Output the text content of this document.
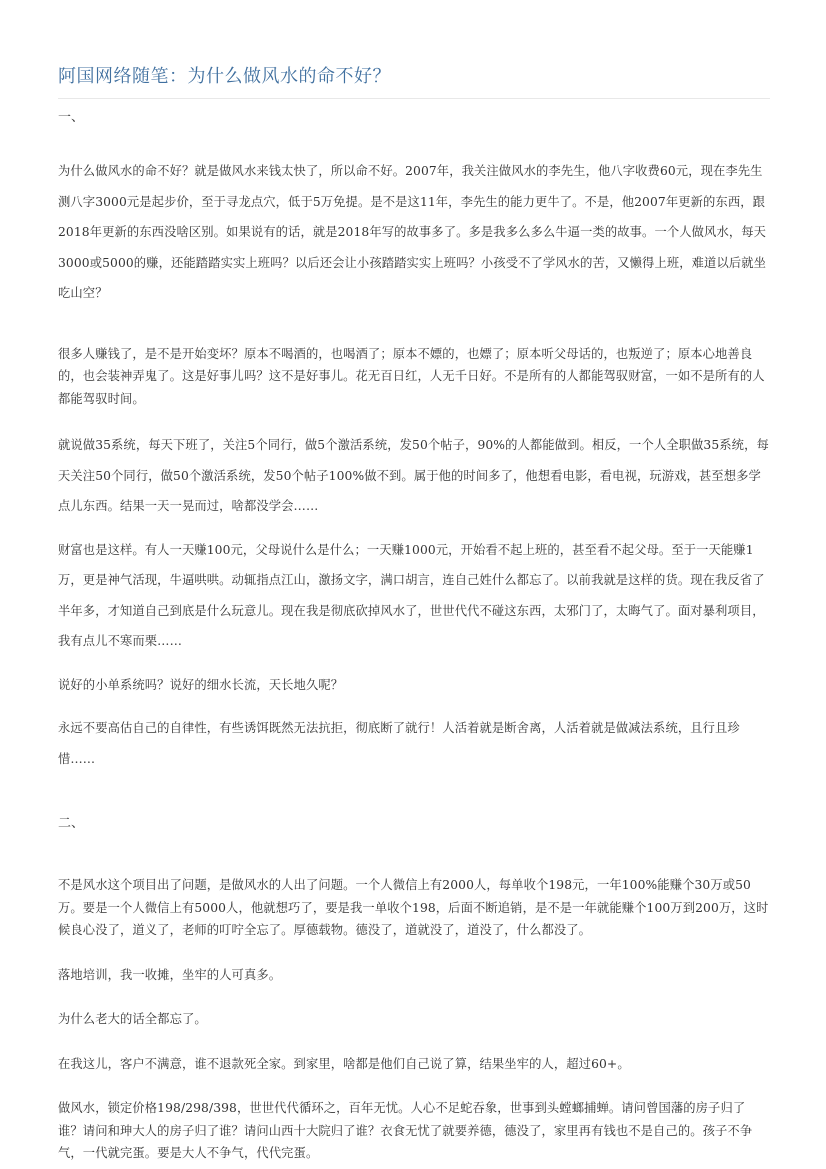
阿国网络随笔：为什么做风水的命不好？
一、

为什么做风水的命不好？就是做风水来钱太快了，所以命不好。2007年，我关注做风水的李先生，他八字收费60元，现在李先生测八字3000元是起步价，至于寻龙点穴，低于5万免提。是不是这11年，李先生的能力更牛了。不是，他2007年更新的东西，跟2018年更新的东西没啥区别。如果说有的话，就是2018年写的故事多了。多是我多么多么牛逼一类的故事。一个人做风水，每天3000或5000的赚，还能踏踏实实上班吗？以后还会让小孩踏踏实实上班吗？小孩受不了学风水的苦，又懒得上班，难道以后就坐吃山空？

很多人赚钱了，是不是开始变坏？原本不喝酒的，也喝酒了；原本不嫖的，也嫖了；原本听父母话的，也叛逆了；原本心地善良的，也会装神弄鬼了。这是好事儿吗？这不是好事儿。花无百日红，人无千日好。不是所有的人都能驾驭财富，一如不是所有的人都能驾驭时间。

就说做35系统，每天下班了，关注5个同行，做5个激活系统，发50个帖子，90%的人都能做到。相反，一个人全职做35系统，每天关注50个同行，做50个激活系统，发50个帖子100%做不到。属于他的时间多了，他想看电影，看电视，玩游戏，甚至想多学点儿东西。结果一天一晃而过，啥都没学会……

财富也是这样。有人一天赚100元，父母说什么是什么；一天赚1000元，开始看不起上班的，甚至看不起父母。至于一天能赚1万，更是神气活现，牛逼哄哄。动辄指点江山，激扬文字，满口胡言，连自己姓什么都忘了。以前我就是这样的货。现在我反省了半年多，才知道自己到底是什么玩意儿。现在我是彻底砍掉风水了，世世代代不碰这东西，太邪门了，太晦气了。面对暴利项目，我有点儿不寒而栗……

说好的小单系统吗？说好的细水长流，天长地久呢？

永远不要高估自己的自律性，有些诱饵既然无法抗拒，彻底断了就行！人活着就是断舍离，人活着就是做减法系统，且行且珍惜……

二、

不是风水这个项目出了问题，是做风水的人出了问题。一个人微信上有2000人，每单收个198元，一年100%能赚个30万或50万。要是一个人微信上有5000人，他就想巧了，要是我一单收个198，后面不断追销，是不是一年就能赚个100万到200万，这时候良心没了，道义了，老师的叮咛全忘了。厚德载物。德没了，道就没了，道没了，什么都没了。

落地培训，我一收摊，坐牢的人可真多。

为什么老大的话全都忘了。

在我这儿，客户不满意，谁不退款死全家。到家里，啥都是他们自己说了算，结果坐牢的人，超过60+。

做风水，锁定价格198/298/398，世世代代循环之，百年无忧。人心不足蛇吞象，世事到头螳螂捕蝉。请问曾国藩的房子归了谁？请问和珅大人的房子归了谁？请问山西十大院归了谁？衣食无忧了就要养德，德没了，家里再有钱也不是自己的。孩子不争气，一代就完蛋。要是大人不争气，代代完蛋。
